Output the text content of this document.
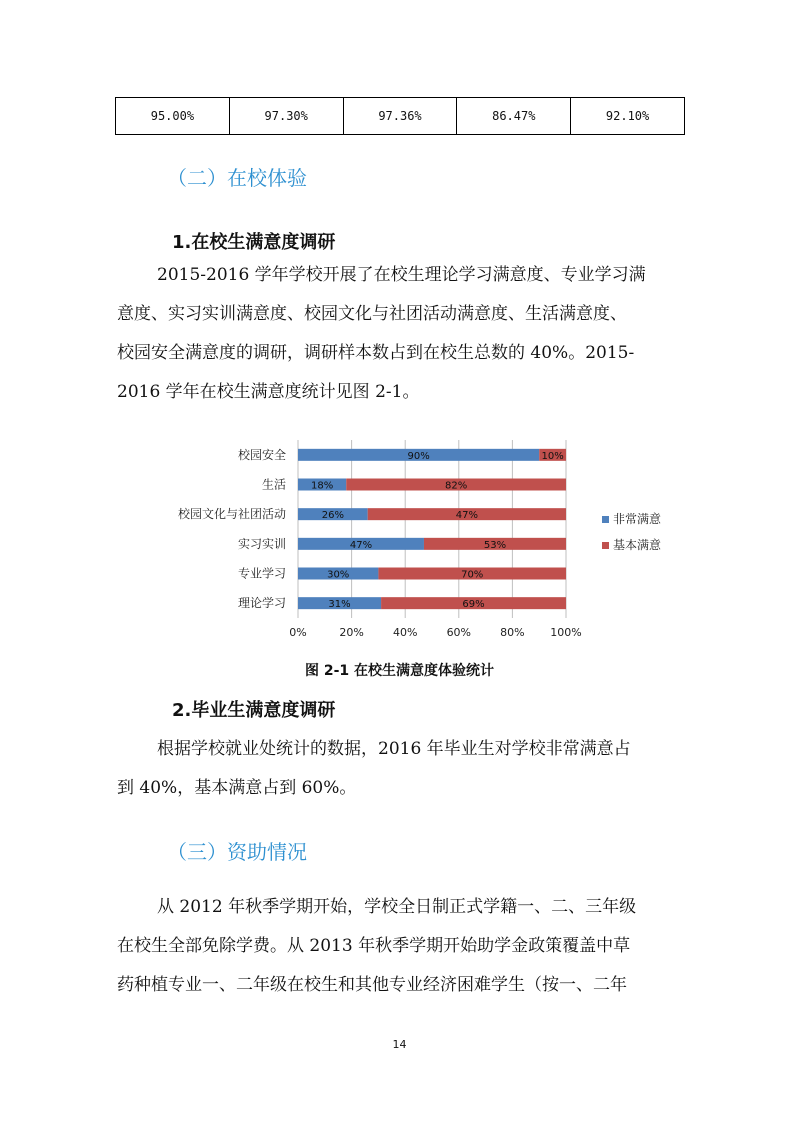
95.00%	97.30%	97.36%	86.47%	92.10%
（二）在校体验
1.在校生满意度调研
2015-2016 学年学校开展了在校生理论学习满意度、专业学习满
意度、实习实训满意度、校园文化与社团活动满意度、生活满意度、
校园安全满意度的调研，调研样本数占到在校生总数的 40%。2015-
2016 学年在校生满意度统计见图 2-1。
0%	20%	40%	60%	80% 100%
校园安全	90%	10%
生活	18%	82%
校园文化与社团活动	26%	47%
实习实训	47%	53%
专业学习	30%	70%
理论学习	31%	69%
非常满意
基本满意
图 2-1 在校生满意度体验统计
2.毕业生满意度调研
根据学校就业处统计的数据，2016 年毕业生对学校非常满意占
到 40%，基本满意占到 60%。
（三）资助情况
从 2012 年秋季学期开始，学校全日制正式学籍一、二、三年级
在校生全部免除学费。从 2013 年秋季学期开始助学金政策覆盖中草
药种植专业一、二年级在校生和其他专业经济困难学生（按一、二年
14
